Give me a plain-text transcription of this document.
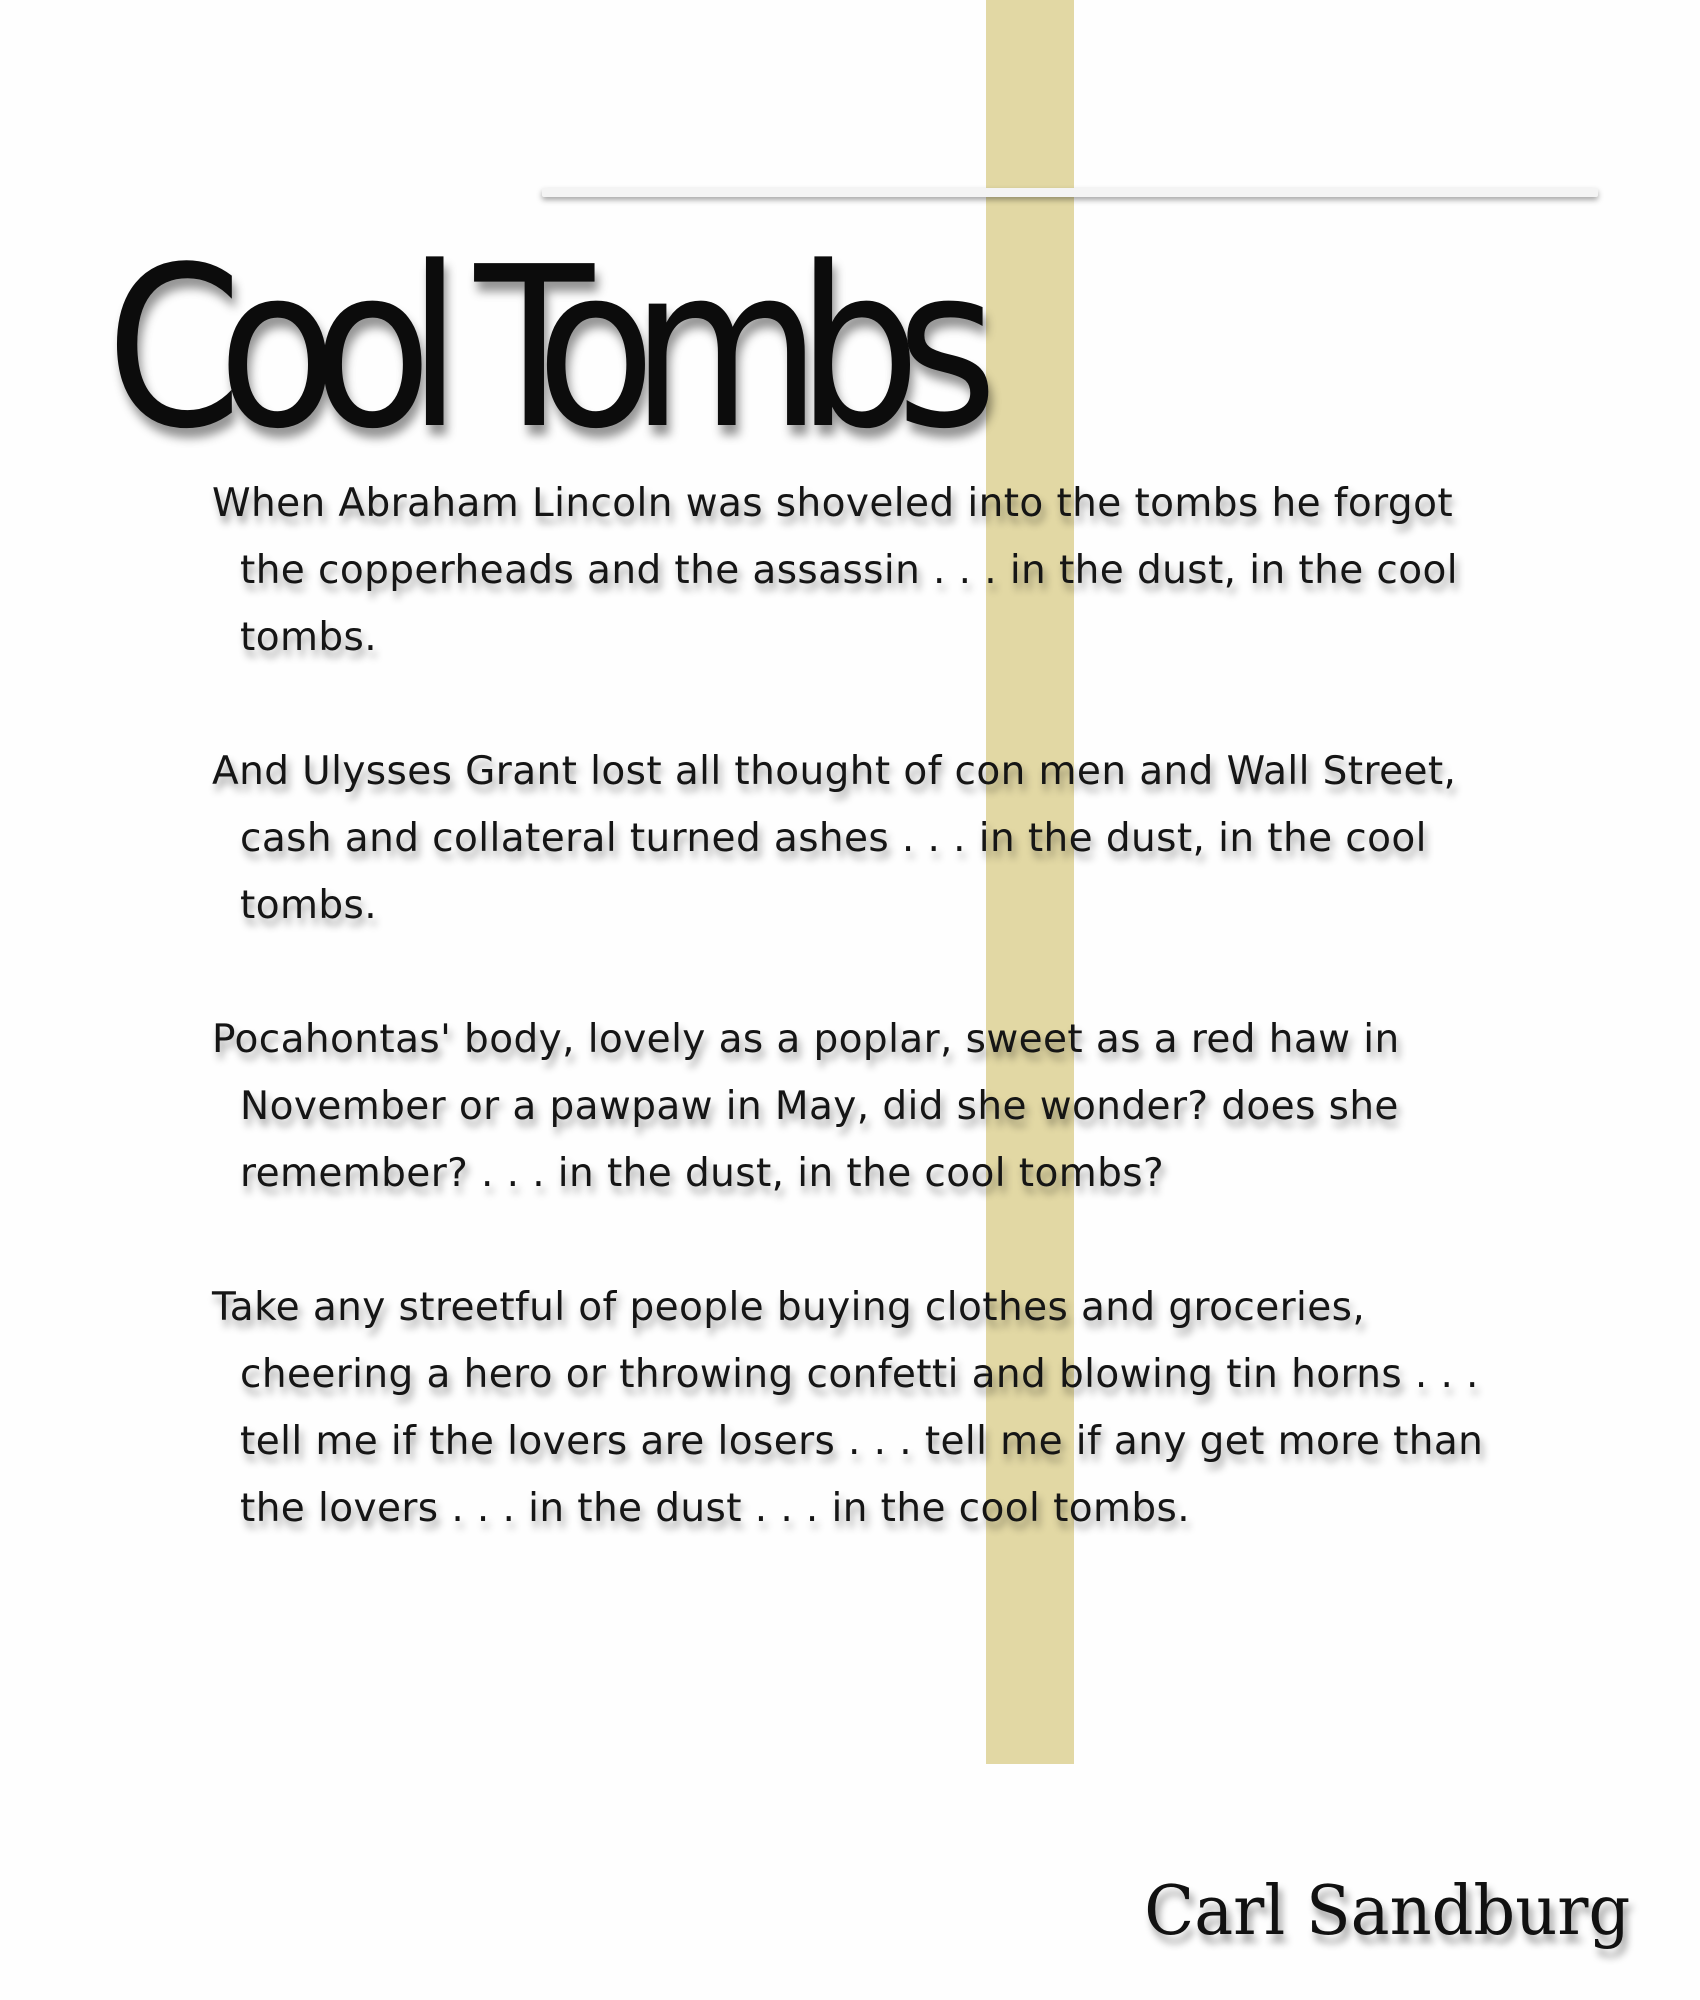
Cool Tombs
When Abraham Lincoln was shoveled into the tombs he forgot the copperheads and the assassin . . . in the dust, in the cool tombs.
And Ulysses Grant lost all thought of con men and Wall Street, cash and collateral turned ashes . . . in the dust, in the cool tombs.
Pocahontas' body, lovely as a poplar, sweet as a red haw in November or a pawpaw in May, did she wonder? does she remember? . . . in the dust, in the cool tombs?
Take any streetful of people buying clothes and groceries, cheering a hero or throwing confetti and blowing tin horns . . . tell me if the lovers are losers . . . tell me if any get more than the lovers . . . in the dust . . . in the cool tombs.

Carl Sandburg
